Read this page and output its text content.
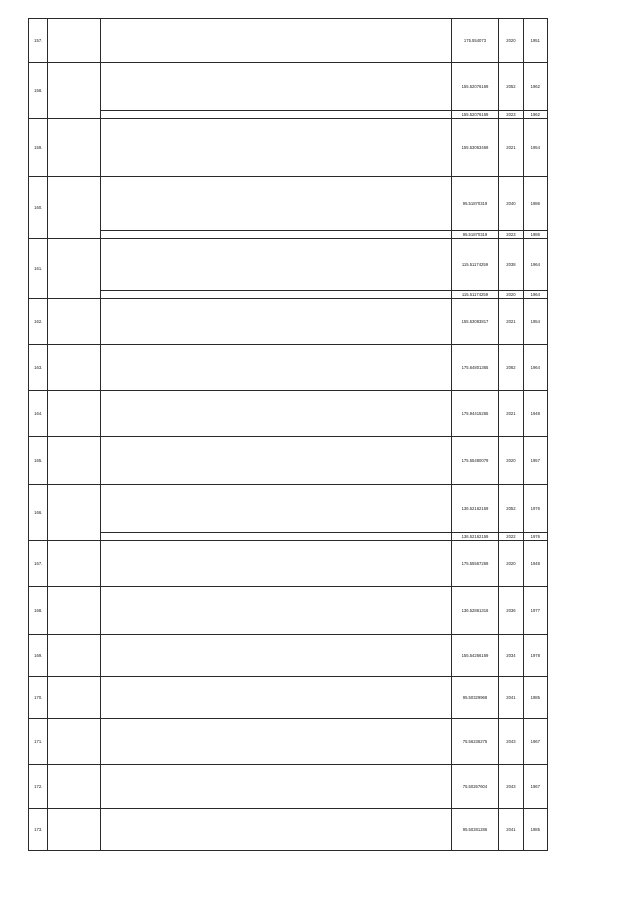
157.			175.554073	2020	1951
158.			155.52076169	2052	1962
			155.52076169	2023	1962
159.			155.53063469	2021	1954
160.			95.51870319	2040	1986
			95.51870319	2023	1986
161.			115.51174259	2038	1964
			115.51174259	2020	1964
162.			155.53083817	2021	1954
163.			175.64801365	2062	1964
164.			175.94415265	2021	1948
165.			175.55480079	2020	1957
166.			136.52162159	2052	1976
			136.52162159	2022	1976
167.			175.55567269	2020	1948
168.			136.52861316	2036	1977
169.			155.54266169	2034	1978
170.			95.50329968	2041	1985
171.			75.56236275	2043	1967
172.			75.50267604	2043	1967
173.			95.50281286	2041	1985
